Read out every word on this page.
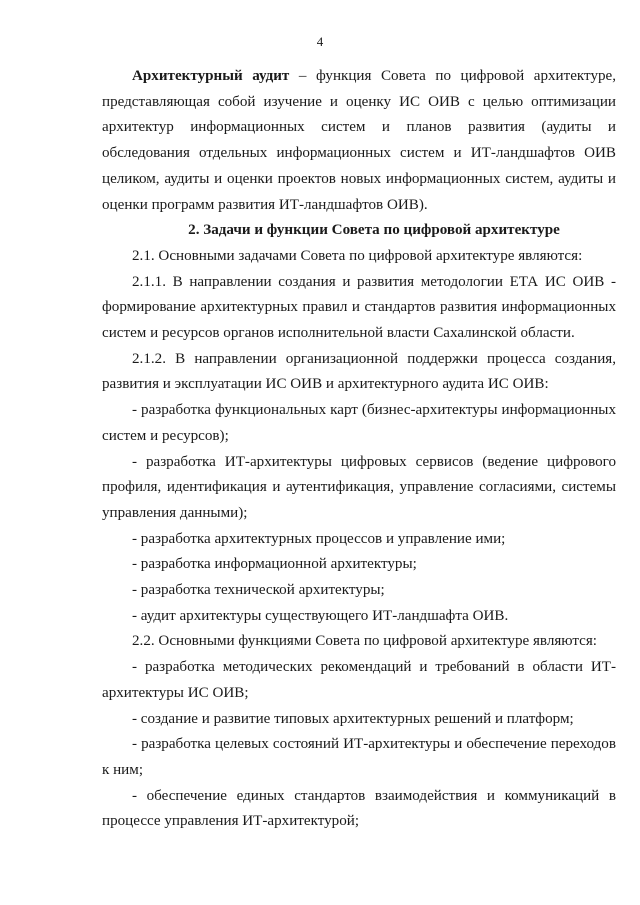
4

Архитектурный аудит – функция Совета по цифровой архитектуре, представляющая собой изучение и оценку ИС ОИВ с целью оптимизации архитектур информационных систем и планов развития (аудиты и обследования отдельных информационных систем и ИТ-ландшафтов ОИВ целиком, аудиты и оценки проектов новых информационных систем, аудиты и оценки программ развития ИТ-ландшафтов ОИВ).

2. Задачи и функции Совета по цифровой архитектуре

2.1. Основными задачами Совета по цифровой архитектуре являются:

2.1.1. В направлении создания и развития методологии ЕТА ИС ОИВ - формирование архитектурных правил и стандартов развития информационных систем и ресурсов органов исполнительной власти Сахалинской области.

2.1.2. В направлении организационной поддержки процесса создания, развития и эксплуатации ИС ОИВ и архитектурного аудита ИС ОИВ:

- разработка функциональных карт (бизнес-архитектуры информационных систем и ресурсов);

- разработка ИТ-архитектуры цифровых сервисов (ведение цифрового профиля, идентификация и аутентификация, управление согласиями, системы управления данными);

- разработка архитектурных процессов и управление ими;

- разработка информационной архитектуры;

- разработка технической архитектуры;

- аудит архитектуры существующего ИТ-ландшафта ОИВ.

2.2. Основными функциями Совета по цифровой архитектуре являются:

- разработка методических рекомендаций и требований в области ИТ-архитектуры ИС ОИВ;

- создание и развитие типовых архитектурных решений и платформ;

- разработка целевых состояний ИТ-архитектуры и обеспечение переходов к ним;

- обеспечение единых стандартов взаимодействия и коммуникаций в процессе управления ИТ-архитектурой;
